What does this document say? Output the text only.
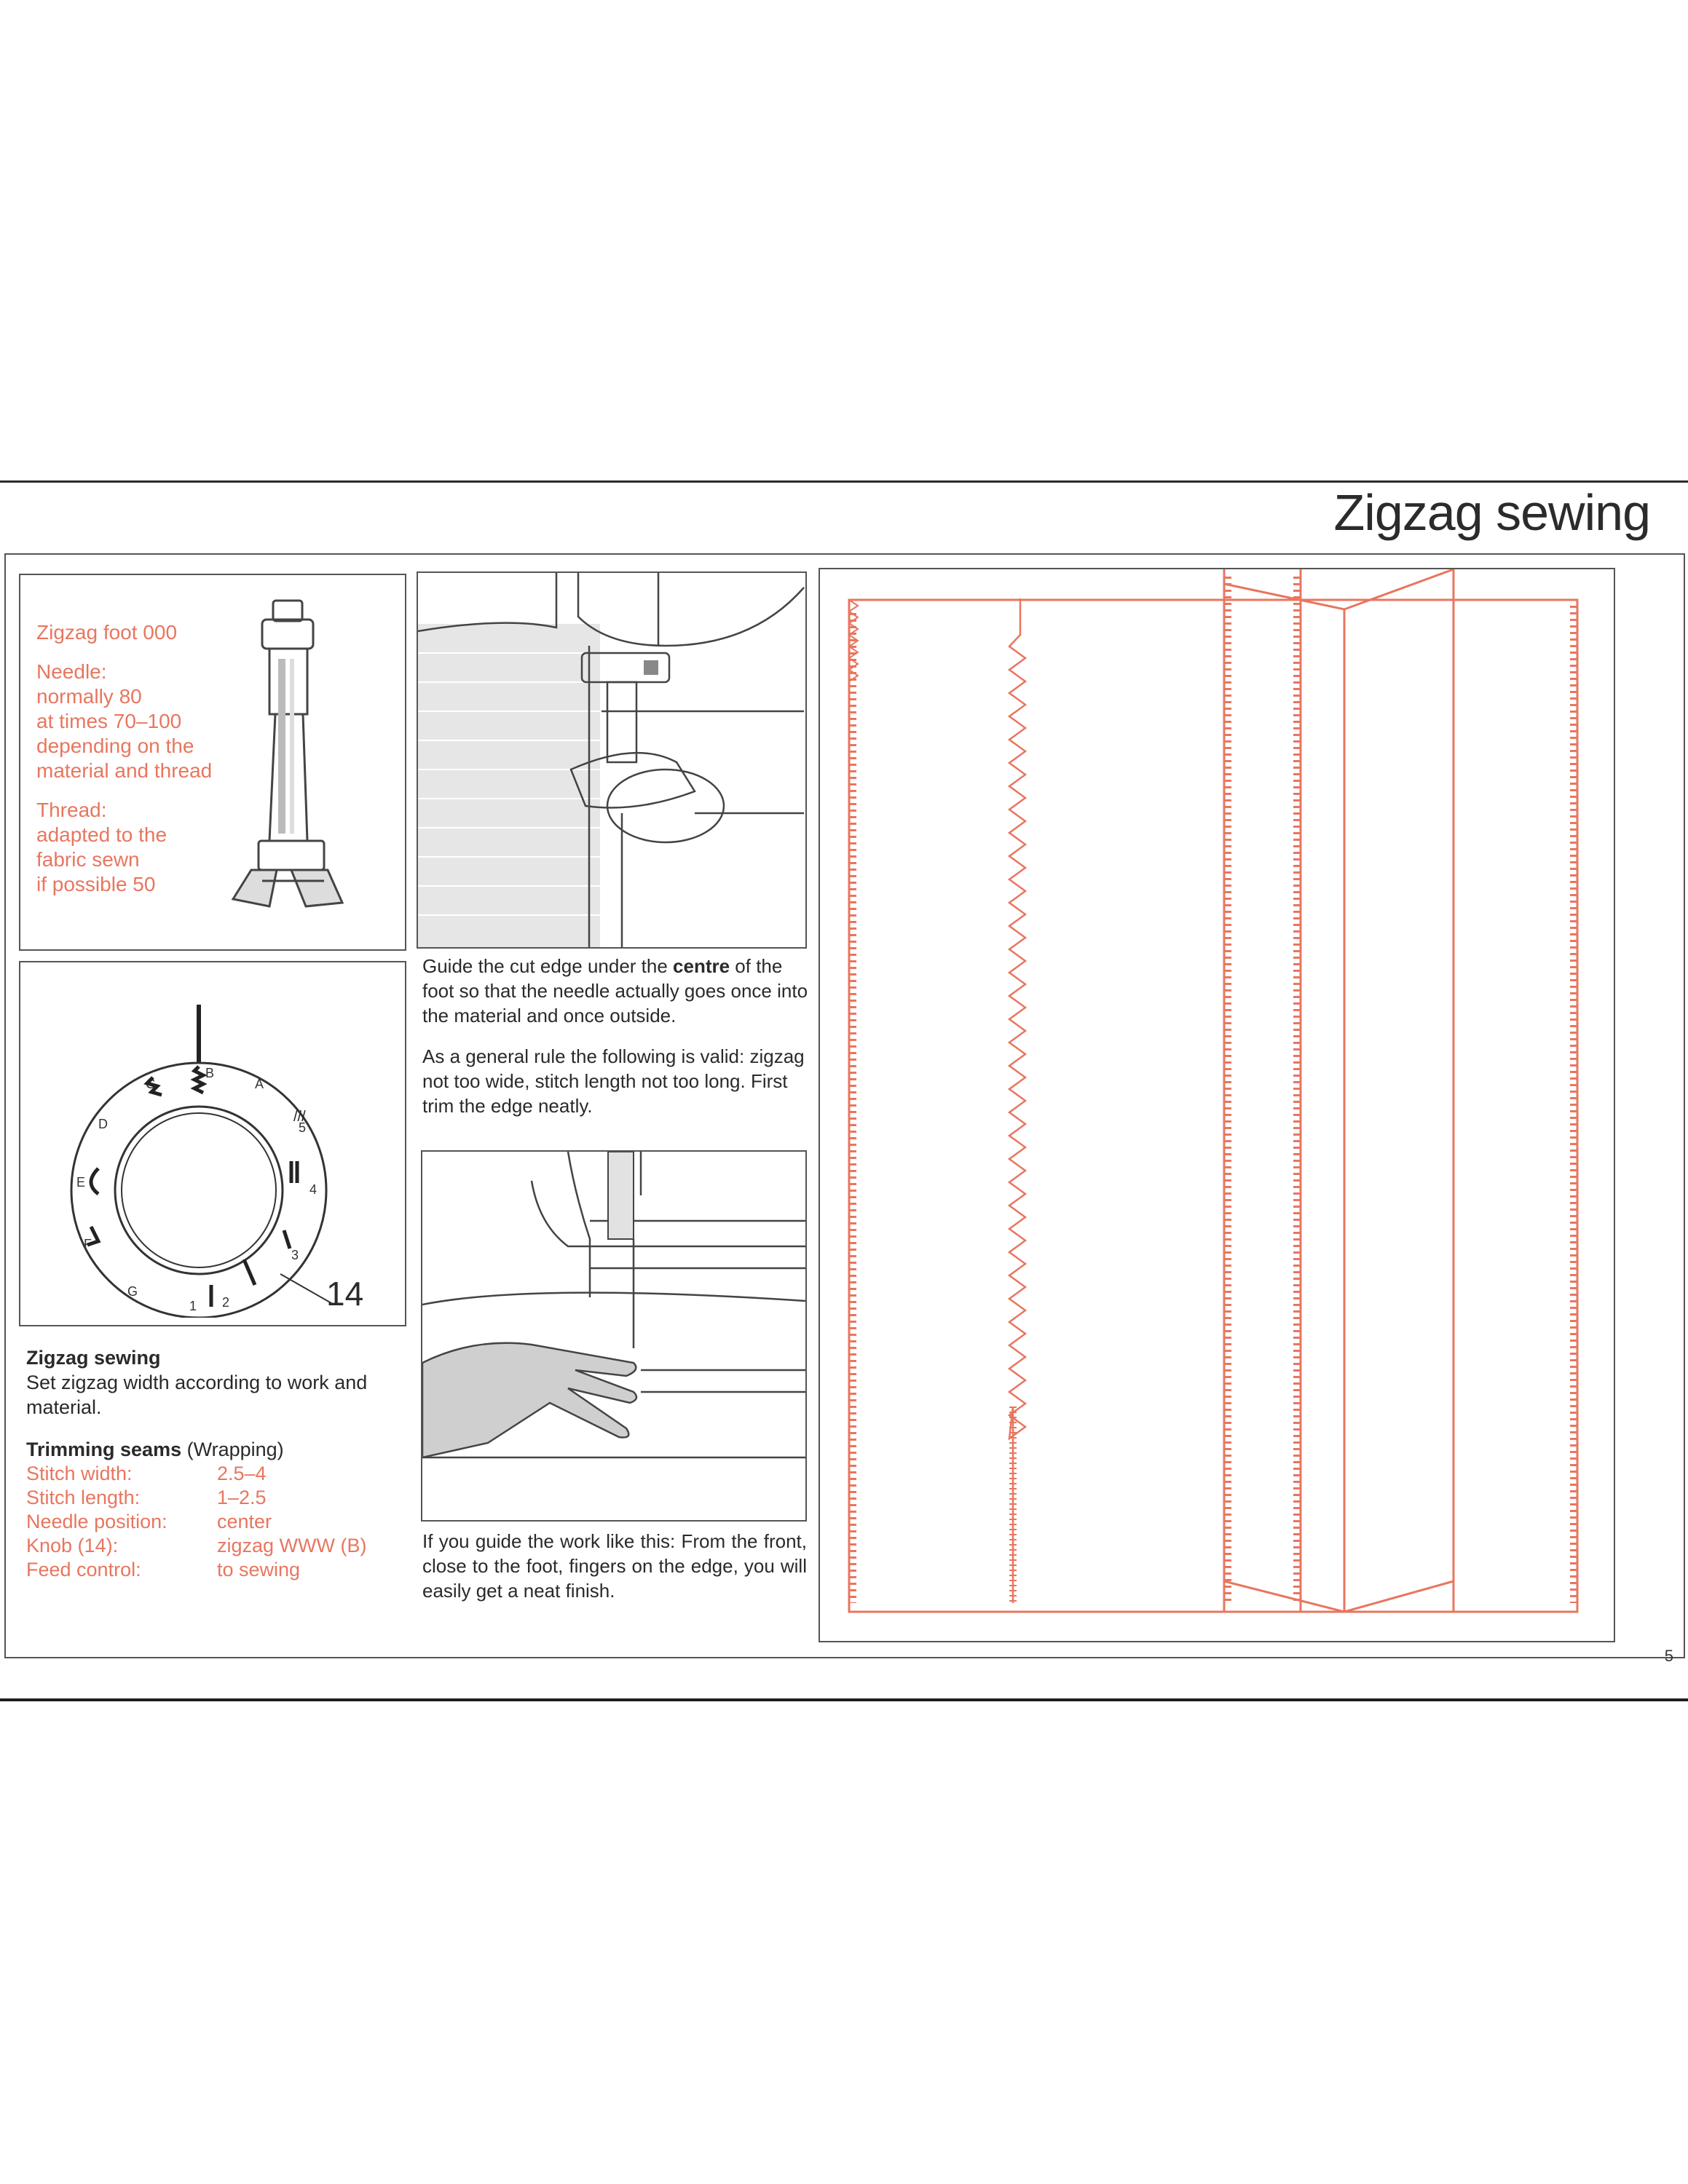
Zigzag sewing

Zigzag foot 000

Needle:
normally 80
at times 70–100
depending on the
material and thread
Thread:
adapted to the
fabric sewn
if possible 50
B
A
C
D
E
F
G
1 2
3
4
5
///
14
Zigzag sewing
Set zigzag width according to work and material.
Trimming seams (Wrapping)
Stitch width:	2.5–4
Stitch length:	1–2.5
Needle position:	center
Knob (14):	zigzag WWW (B)
Feed control:	to sewing

Guide the cut edge under the centre of the foot so that the needle actually goes once into the material and once outside.

As a general rule the following is valid: zigzag not too wide, stitch length not too long. First trim the edge neatly.

If you guide the work like this: From the front, close to the foot, fingers on the edge, you will easily get a neat finish.
5
